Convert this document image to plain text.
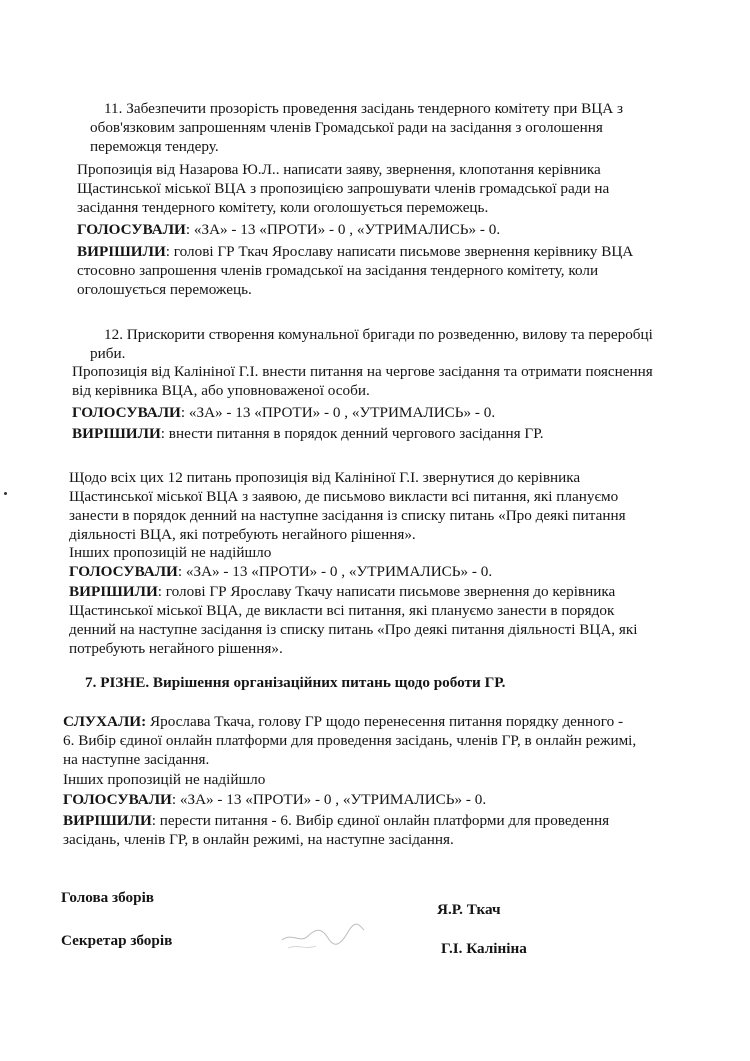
11. Забезпечити прозорість проведення засідань тендерного комітету при ВЦА з
обов'язковим запрошенням членів Громадської ради на засідання з оголошення
переможця тендеру.
Пропозиція від Назарова Ю.Л.. написати заяву, звернення, клопотання керівника
Щастинської міської ВЦА з пропозицією запрошувати членів громадської ради на
засідання тендерного комітету, коли оголошується переможець.
ГОЛОСУВАЛИ: «ЗА» - 13 «ПРОТИ» - 0 , «УТРИМАЛИСЬ» - 0.
ВИРІШИЛИ: голові ГР Ткач Ярославу написати письмове звернення керівнику ВЦА
стосовно запрошення членів громадської на засідання тендерного комітету, коли
оголошується переможець.
12. Прискорити створення комунальної бригади по розведенню, вилову та переробці
риби.
Пропозиція від Калініної Г.І. внести питання на чергове засідання та отримати пояснення
від керівника ВЦА, або уповноваженої особи.
ГОЛОСУВАЛИ: «ЗА» - 13 «ПРОТИ» - 0 , «УТРИМАЛИСЬ» - 0.
ВИРІШИЛИ: внести питання в порядок денний чергового засідання ГР.
Щодо всіх цих 12 питань пропозиція від Калініної Г.І. звернутися до керівника
Щастинської міської ВЦА з заявою, де письмово викласти всі питання, які плануємо
занести в порядок денний на наступне засідання із списку питань «Про деякі питання
діяльності ВЦА, які потребують негайного рішення».
Інших пропозицій не надійшло
ГОЛОСУВАЛИ: «ЗА» - 13 «ПРОТИ» - 0 , «УТРИМАЛИСЬ» - 0.
ВИРІШИЛИ: голові ГР Ярославу Ткачу написати письмове звернення до керівника
Щастинської міської ВЦА, де викласти всі питання, які плануємо занести в порядок
денний на наступне засідання із списку питань «Про деякі питання діяльності ВЦА, які
потребують негайного рішення».
7. РІЗНЕ. Вирішення організаційних питань щодо роботи ГР.
СЛУХАЛИ: Ярослава Ткача, голову ГР щодо перенесення питання порядку денного -
6. Вибір єдиної онлайн платформи для проведення засідань, членів ГР, в онлайн режимі,
на наступне засідання.
Інших пропозицій не надійшло
ГОЛОСУВАЛИ: «ЗА» - 13 «ПРОТИ» - 0 , «УТРИМАЛИСЬ» - 0.
ВИРІШИЛИ: перести питання - 6. Вибір єдиної онлайн платформи для проведення
засідань, членів ГР, в онлайн режимі, на наступне засідання.
Голова зборів
Я.Р. Ткач
Секретар зборів	Г.І. Калініна
